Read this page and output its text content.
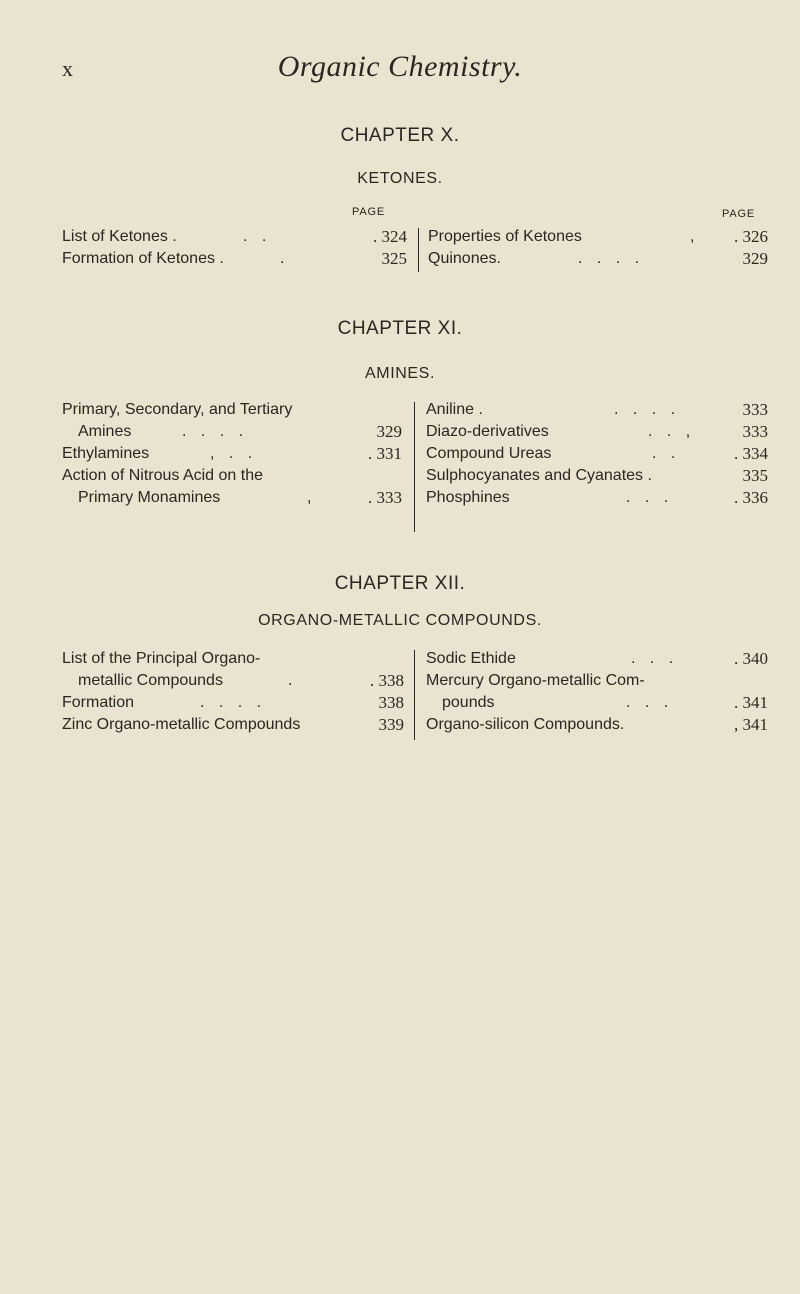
x	Organic Chemistry.
CHAPTER X.
KETONES.
PAGE	PAGE
List of Ketones .	. .	. 324
Formation of Ketones .	.	325
Properties of Ketones	, . 326
Quinones.	. . . .	329
CHAPTER XI.
AMINES.
Primary, Secondary, and Tertiary
Amines	. . . .	329
Ethylamines	, . .	. 331
Action of Nitrous Acid on the
Primary Monamines	,	. 333
Aniline .	. . . .	333
Diazo-derivatives	. . ,	333
Compound Ureas	. .	. 334
Sulphocyanates and Cyanates .	335
Phosphines	. . .	. 336
CHAPTER XII.
ORGANO-METALLIC COMPOUNDS.
List of the Principal Organo-
metallic Compounds	.	. 338
Formation	. . . .	338
Zinc Organo-metallic Compounds	339
Sodic Ethide	. . .	. 340
Mercury Organo-metallic Com-
pounds	. . .	. 341
Organo-silicon Compounds.	, 341
